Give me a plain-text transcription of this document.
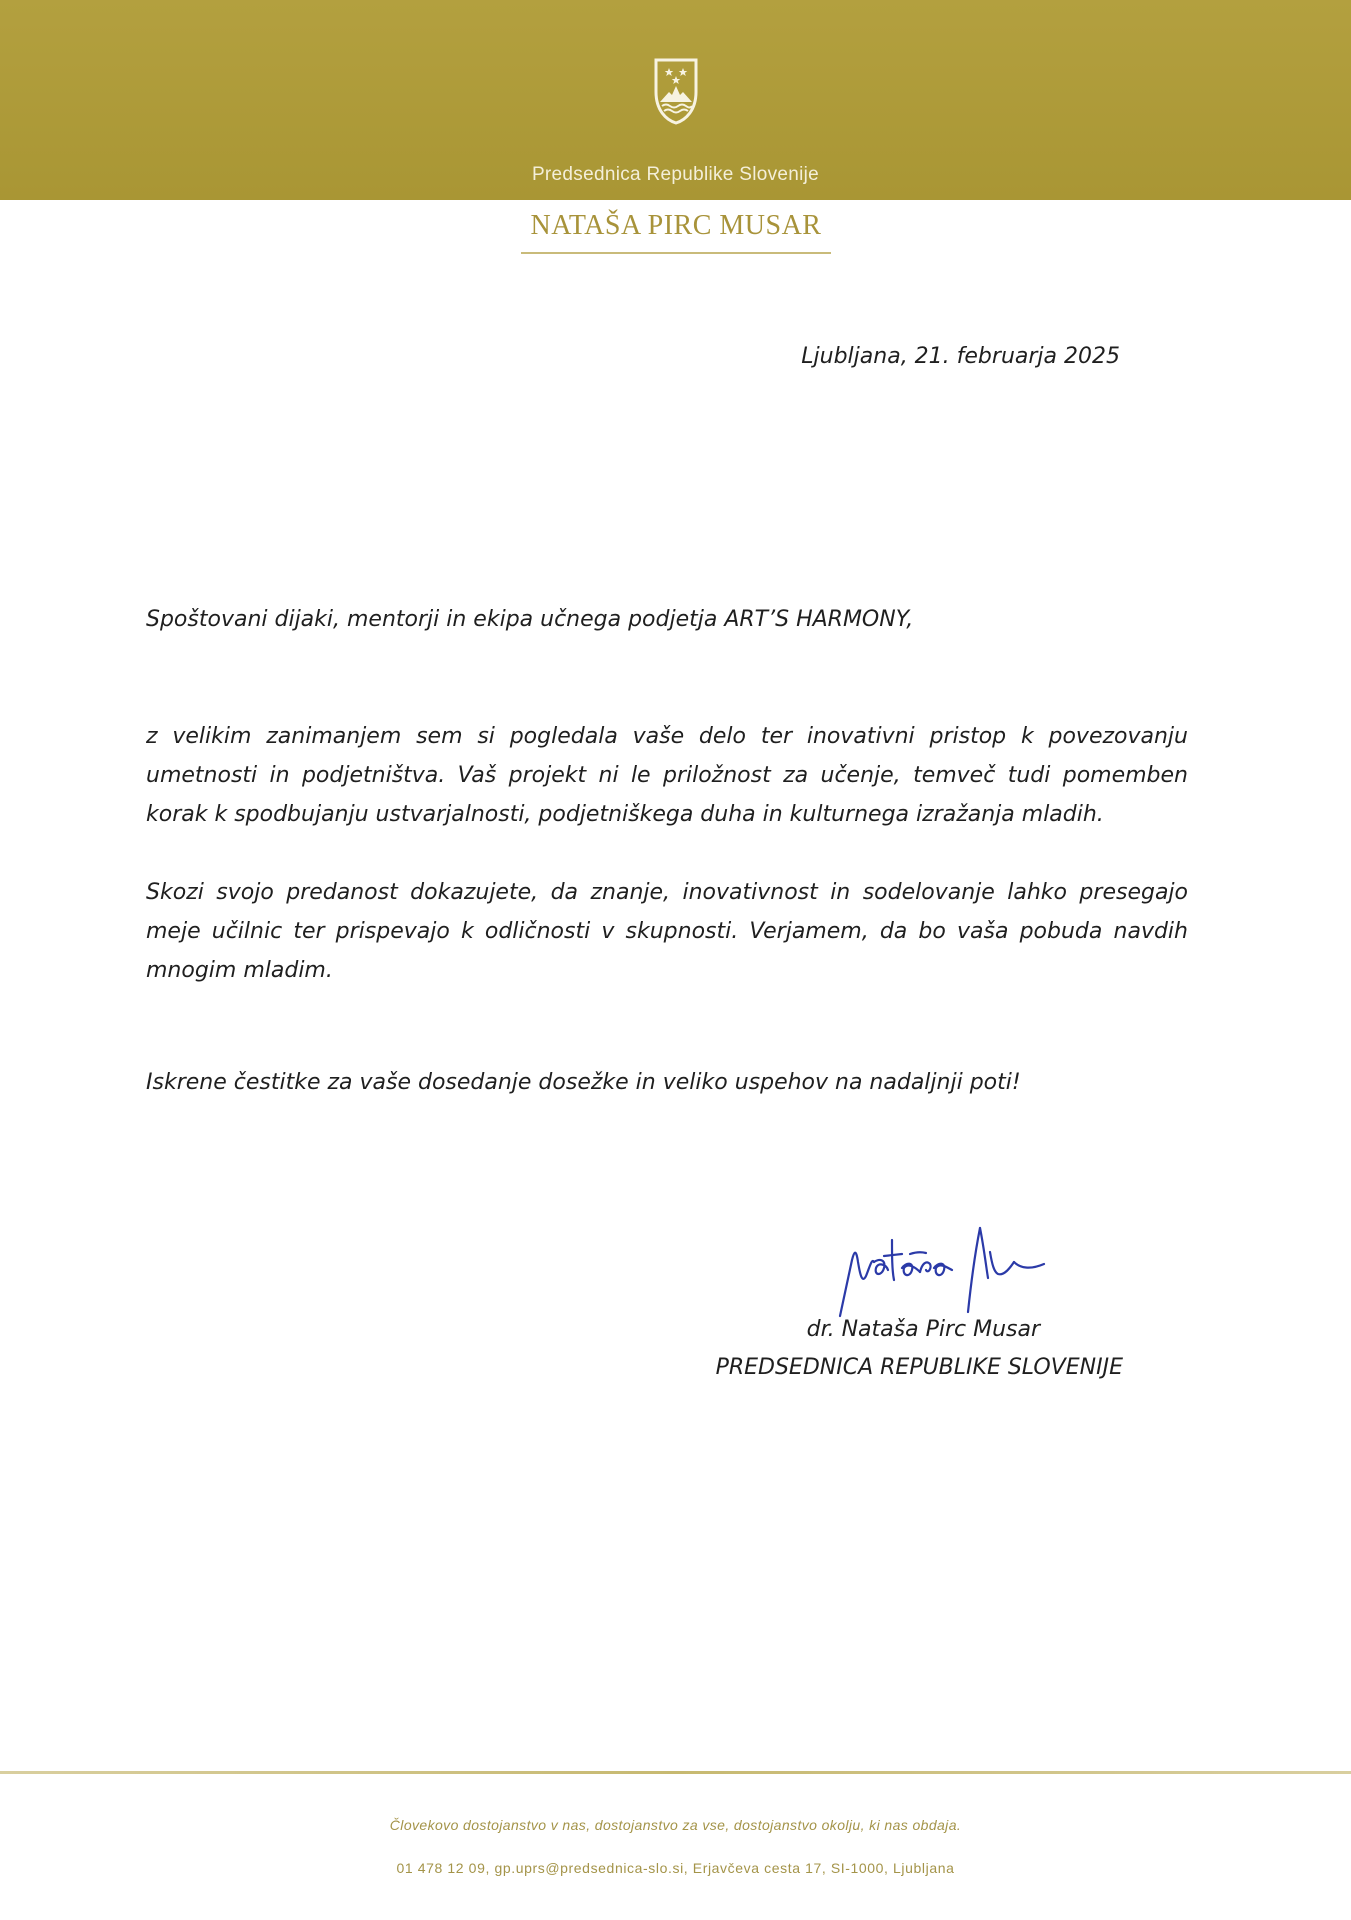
Predsednica Republike Slovenije
NATAŠA PIRC MUSAR
Ljubljana, 21. februarja 2025
Spoštovani dijaki, mentorji in ekipa učnega podjetja ART’S HARMONY,
z velikim zanimanjem sem si pogledala vaše delo ter inovativni pristop k povezovanju umetnosti in podjetništva. Vaš projekt ni le priložnost za učenje, temveč tudi pomemben korak k spodbujanju ustvarjalnosti, podjetniškega duha in kulturnega izražanja mladih.
Skozi svojo predanost dokazujete, da znanje, inovativnost in sodelovanje lahko presegajo meje učilnic ter prispevajo k odličnosti v skupnosti. Verjamem, da bo vaša pobuda navdih mnogim mladim.
Iskrene čestitke za vaše dosedanje dosežke in veliko uspehov na nadaljnji poti!
dr. Nataša Pirc Musar
PREDSEDNICA REPUBLIKE SLOVENIJE
Človekovo dostojanstvo v nas, dostojanstvo za vse, dostojanstvo okolju, ki nas obdaja.
01 478 12 09, gp.uprs@predsednica-slo.si, Erjavčeva cesta 17, SI-1000, Ljubljana
